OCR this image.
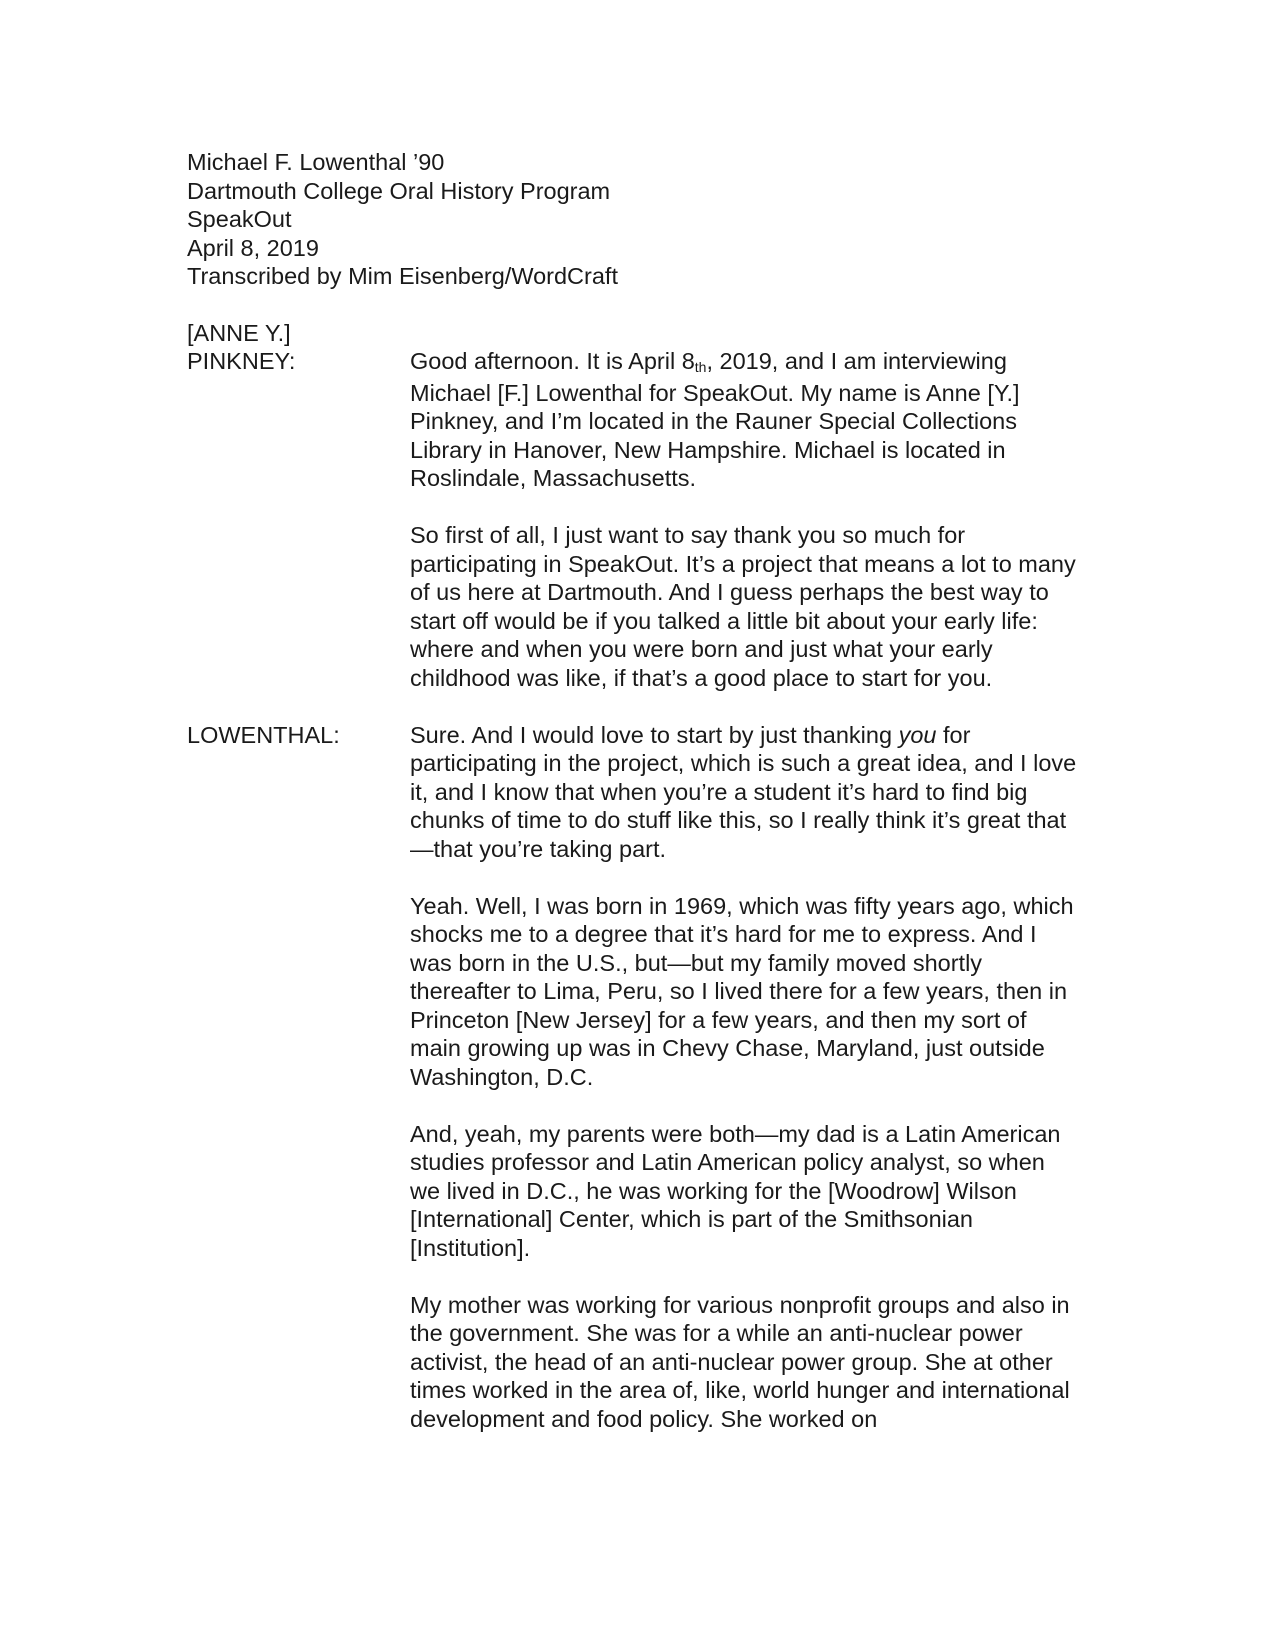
Michael F. Lowenthal ’90
Dartmouth College Oral History Program
SpeakOut
April 8, 2019
Transcribed by Mim Eisenberg/WordCraft
[ANNE Y.]
PINKNEY:	Good afternoon. It is April 8th, 2019, and I am interviewing Michael [F.] Lowenthal for SpeakOut. My name is Anne [Y.] Pinkney, and I’m located in the Rauner Special Collections Library in Hanover, New Hampshire. Michael is located in Roslindale, Massachusetts.

So first of all, I just want to say thank you so much for participating in SpeakOut. It’s a project that means a lot to many of us here at Dartmouth. And I guess perhaps the best way to start off would be if you talked a little bit about your early life: where and when you were born and just what your early childhood was like, if that’s a good place to start for you.

LOWENTHAL:	Sure. And I would love to start by just thanking you for participating in the project, which is such a great idea, and I love it, and I know that when you’re a student it’s hard to find big chunks of time to do stuff like this, so I really think it’s great that—that you’re taking part.

Yeah. Well, I was born in 1969, which was fifty years ago, which shocks me to a degree that it’s hard for me to express. And I was born in the U.S., but—but my family moved shortly thereafter to Lima, Peru, so I lived there for a few years, then in Princeton [New Jersey] for a few years, and then my sort of main growing up was in Chevy Chase, Maryland, just outside Washington, D.C.

And, yeah, my parents were both—my dad is a Latin American studies professor and Latin American policy analyst, so when we lived in D.C., he was working for the [Woodrow] Wilson [International] Center, which is part of the Smithsonian [Institution].

My mother was working for various nonprofit groups and also in the government. She was for a while an anti-nuclear power activist, the head of an anti-nuclear power group. She at other times worked in the area of, like, world hunger and international development and food policy. She worked on
